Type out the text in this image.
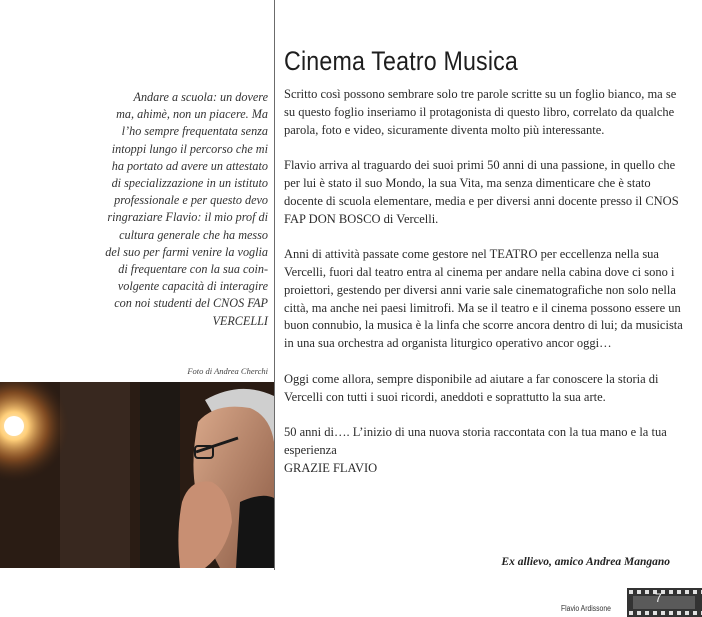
Andare a scuola: un dovere

ma, ahimè, non un piacere. Ma

l’ho sempre frequentata senza

intoppi lungo il percorso che mi

ha portato ad avere un attestato

di specializzazione in un istituto

professionale e per questo devo

ringraziare Flavio: il mio prof di

cultura generale che ha messo

del suo per farmi venire la voglia

di frequentare con la sua coin-

volgente capacità di interagire

con noi studenti del CNOS FAP

VERCELLI

Foto di Andrea Cherchi
Cinema Teatro Musica

Scritto così possono sembrare solo tre parole scritte su un foglio bianco, ma se su questo foglio inseriamo il protagonista di questo libro, correlato da qualche parola, foto e video, sicuramente diventa molto più interessante.

Flavio arriva al traguardo dei suoi primi 50 anni di una passione, in quello che per lui è stato il suo Mondo, la sua Vita, ma senza dimenticare che è stato docente di scuola elementare, media e per diversi anni docente presso il CNOS FAP DON BOSCO di Vercelli.

Anni di attività passate come gestore nel TEATRO per eccellenza nella sua Vercelli, fuori dal teatro entra al cinema per andare nella cabina dove ci sono i proiettori, gestendo per diversi anni varie sale cinematografiche non solo nella città, ma anche nei paesi limitrofi. Ma se il teatro e il cinema possono essere un buon connubio, la musica è la linfa che scorre ancora dentro di lui; da musicista in una sua orchestra ad organista liturgico operativo ancor oggi…

Oggi come allora, sempre disponibile ad aiutare a far conoscere la storia di Vercelli con tutti i suoi ricordi, aneddoti e soprattutto la sua arte.

50 anni di…. L’inizio di una nuova storia raccontata con la tua mano e la tua esperienza

GRAZIE FLAVIO

Ex allievo, amico Andrea Mangano
Flavio Ardissone
7
